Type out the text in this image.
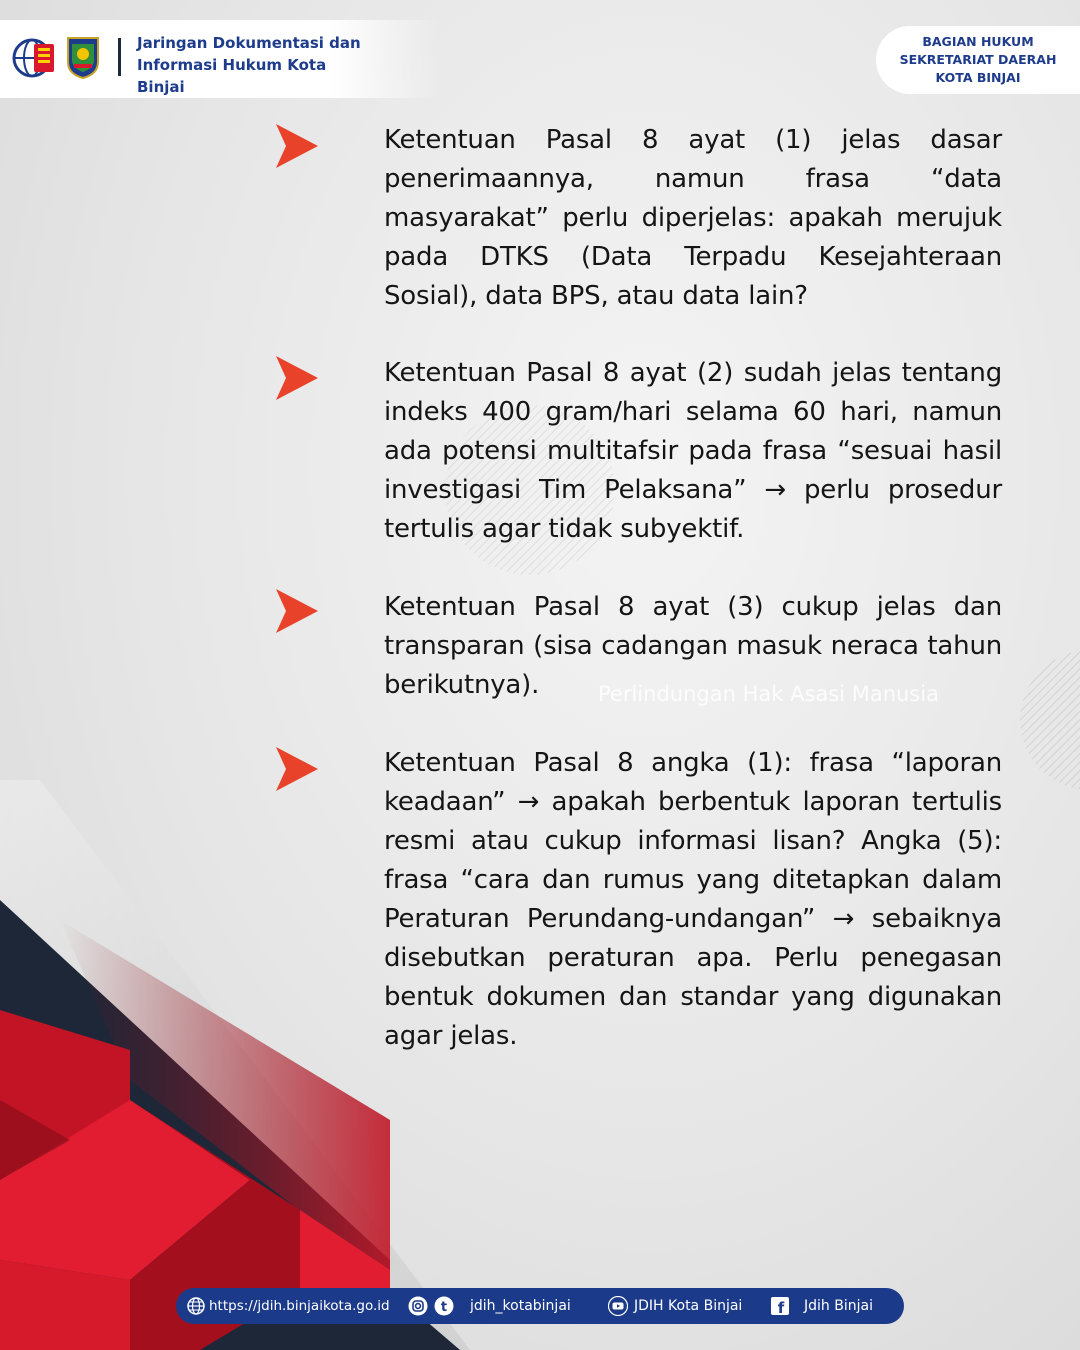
Jaringan Dokumentasi dan Informasi Hukum Kota Binjai
BAGIAN HUKUM
SEKRETARIAT DAERAH
KOTA BINJAI
Perlindungan Hak Asasi Manusia
Ketentuan Pasal 8 ayat (1) jelas dasar penerimaannya, namun frasa “data masyarakat” perlu diperjelas: apakah merujuk pada DTKS (Data Terpadu Kesejahteraan Sosial), data BPS, atau data lain?
Ketentuan Pasal 8 ayat (2) sudah jelas tentang indeks 400 gram/hari selama 60 hari, namun ada potensi multitafsir pada frasa “sesuai hasil investigasi Tim Pelaksana” → perlu prosedur tertulis agar tidak subyektif.
Ketentuan Pasal 8 ayat (3) cukup jelas dan transparan (sisa cadangan masuk neraca tahun berikutnya).
Ketentuan Pasal 8 angka (1): frasa “laporan keadaan” → apakah berbentuk laporan tertulis resmi atau cukup informasi lisan? Angka (5): frasa “cara dan rumus yang ditetapkan dalam Peraturan Perundang-undangan” → sebaiknya disebutkan peraturan apa. Perlu penegasan bentuk dokumen dan standar yang digunakan agar jelas.
https://jdih.binjaikota.go.id	t jdih_kotabinjai	JDIH Kota Binjai f Jdih Binjai
